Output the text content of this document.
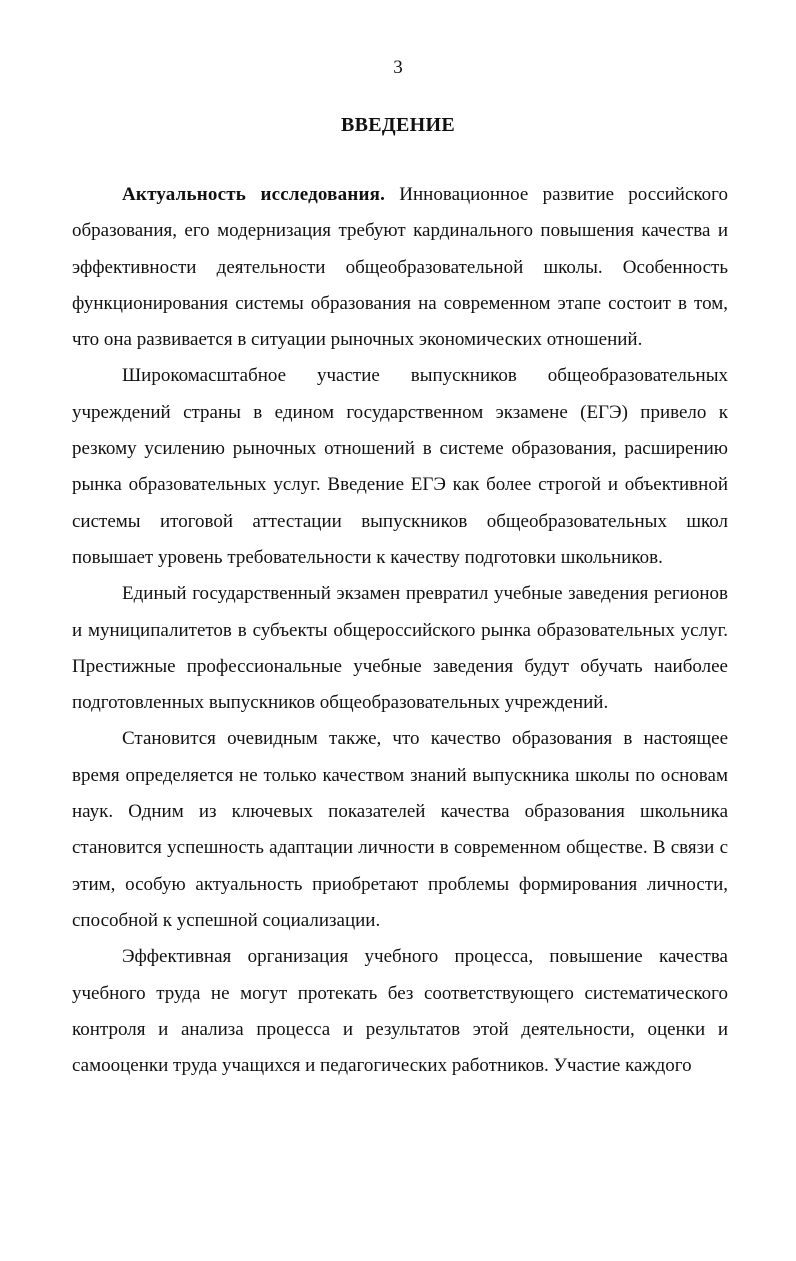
3
ВВЕДЕНИЕ

Актуальность исследования. Инновационное развитие российского образования, его модернизация требуют кардинального повышения качества и эффективности деятельности общеобразовательной школы. Особенность функционирования системы образования на современном этапе состоит в том, что она развивается в ситуации рыночных экономических отношений.

Широкомасштабное участие выпускников общеобразовательных учреждений страны в едином государственном экзамене (ЕГЭ) привело к резкому усилению рыночных отношений в системе образования, расширению рынка образовательных услуг. Введение ЕГЭ как более строгой и объективной системы итоговой аттестации выпускников общеобразовательных школ повышает уровень требовательности к качеству подготовки школьников.

Единый государственный экзамен превратил учебные заведения регионов и муниципалитетов в субъекты общероссийского рынка образовательных услуг. Престижные профессиональные учебные заведения будут обучать наиболее подготовленных выпускников общеобразовательных учреждений.

Становится очевидным также, что качество образования в настоящее время определяется не только качеством знаний выпускника школы по основам наук. Одним из ключевых показателей качества образования школьника становится успешность адаптации личности в современном обществе. В связи с этим, особую актуальность приобретают проблемы формирования личности, способной к успешной социализации.

Эффективная организация учебного процесса, повышение качества учебного труда не могут протекать без соответствующего систематического контроля и анализа процесса и результатов этой деятельности, оценки и самооценки труда учащихся и педагогических работников. Участие каждого
